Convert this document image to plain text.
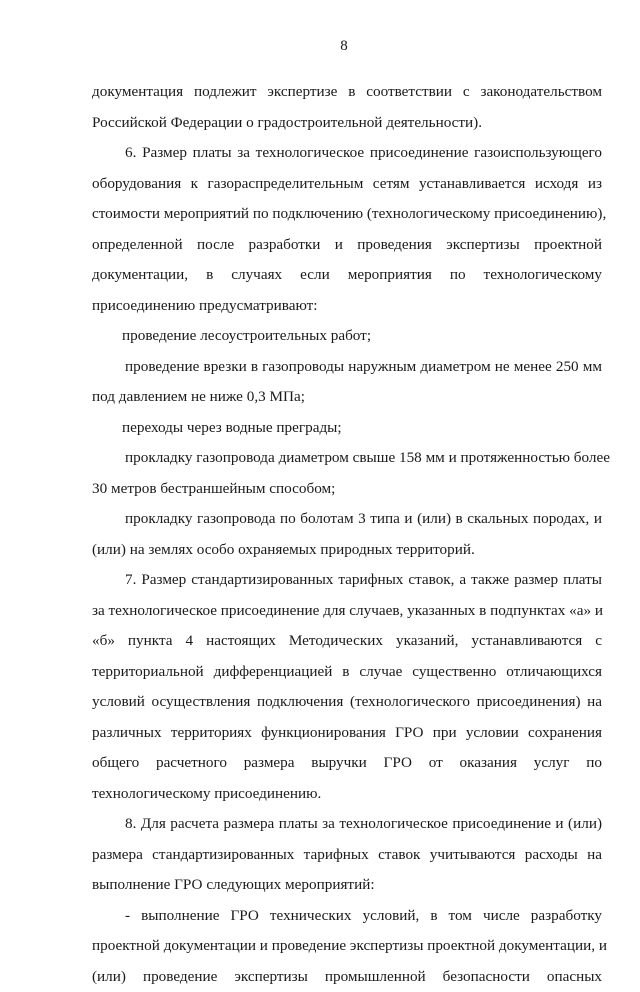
8
документация подлежит экспертизе в соответствии с законодательством
Российской Федерации о градостроительной деятельности).
6. Размер платы за технологическое присоединение газоиспользующего
оборудования к газораспределительным сетям устанавливается исходя из
стоимости мероприятий по подключению (технологическому присоединению),
определенной после разработки и проведения экспертизы проектной
документации, в случаях если мероприятия по технологическому
присоединению предусматривают:
проведение лесоустроительных работ;
проведение врезки в газопроводы наружным диаметром не менее 250 мм
под давлением не ниже 0,3 МПа;
переходы через водные преграды;
прокладку газопровода диаметром свыше 158 мм и протяженностью более
30 метров бестраншейным способом;
прокладку газопровода по болотам 3 типа и (или) в скальных породах, и
(или) на землях особо охраняемых природных территорий.
7. Размер стандартизированных тарифных ставок, а также размер платы
за технологическое присоединение для случаев, указанных в подпунктах «а» и
«б» пункта 4 настоящих Методических указаний, устанавливаются с
территориальной дифференциацией в случае существенно отличающихся
условий осуществления подключения (технологического присоединения) на
различных территориях функционирования ГРО при условии сохранения
общего расчетного размера выручки ГРО от оказания услуг по
технологическому присоединению.
8. Для расчета размера платы за технологическое присоединение и (или)
размера стандартизированных тарифных ставок учитываются расходы на
выполнение ГРО следующих мероприятий:
- выполнение ГРО технических условий, в том числе разработку
проектной документации и проведение экспертизы проектной документации, и
(или) проведение экспертизы промышленной безопасности опасных
